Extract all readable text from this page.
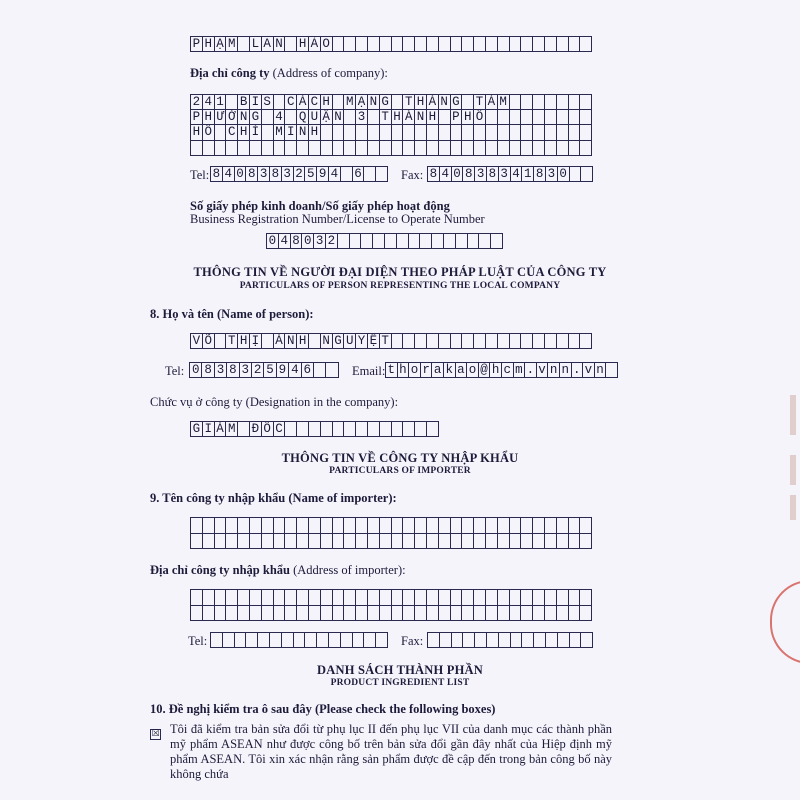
P H Ạ M L A N H Ả O
Địa chỉ công ty (Address of company):
2 4 1 B I S C Á C H M Ạ N G T H Á N G T Á M
P H Ư Ờ N G 4 Q U Ậ N 3 T H À N H P H Ố
H Ồ C H Í M I N H
Tel: 8 4 0 8 3 8 3 2 5 9 4 6	Fax: 8 4 0 8 3 8 3 4 1 8 3 0
Số giấy phép kinh doanh/Số giấy phép hoạt động
Business Registration Number/License to Operate Number
0 4 8 0 3 2
THÔNG TIN VỀ NGƯỜI ĐẠI DIỆN THEO PHÁP LUẬT CỦA CÔNG TY
PARTICULARS OF PERSON REPRESENTING THE LOCAL COMPANY
8. Họ và tên (Name of person):
V Õ T H Ị Á N H N G U Y Ệ T
Tel: 0 8 3 8 3 2 5 9 4 6	Email: t h o r a k a o @ h c m . v n n . v n
Chức vụ ở công ty (Designation in the company):
G I Á M Đ Ố C
THÔNG TIN VỀ CÔNG TY NHẬP KHẨU
PARTICULARS OF IMPORTER
9. Tên công ty nhập khẩu (Name of importer):
Địa chỉ công ty nhập khẩu (Address of importer):
Tel:	Fax:
DANH SÁCH THÀNH PHẦN
PRODUCT INGREDIENT LIST
10. Đề nghị kiểm tra ô sau đây (Please check the following boxes)
☒ Tôi đã kiểm tra bản sửa đổi từ phụ lục II đến phụ lục VII của danh mục các thành phần mỹ phẩm ASEAN như được công bố trên bản sửa đổi gần đây nhất của Hiệp định mỹ phẩm ASEAN. Tôi xin xác nhận rằng sản phẩm được đề cập đến trong bản công bố này không chứa
